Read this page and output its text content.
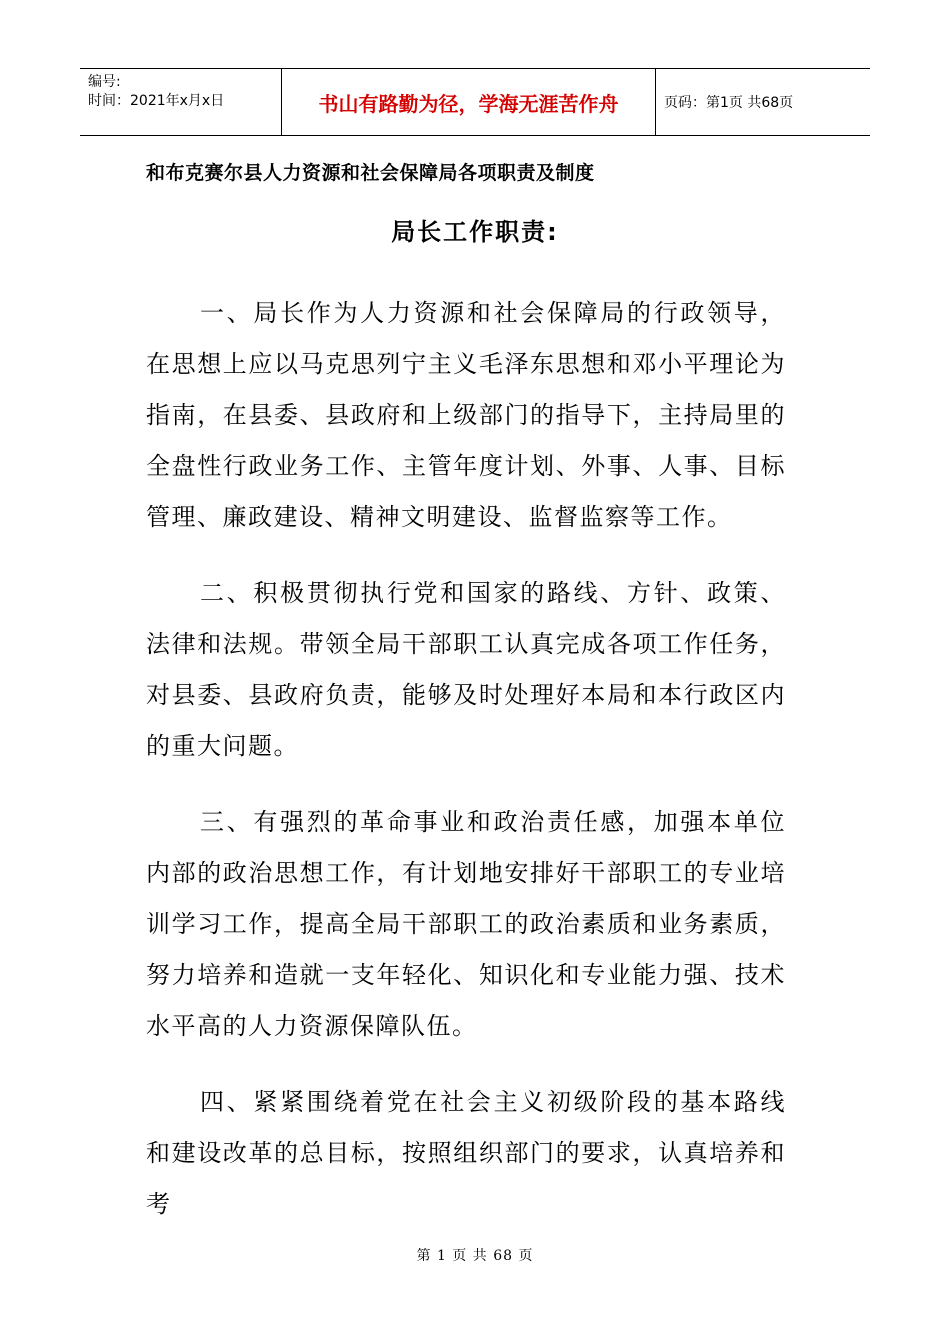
编号:
时间：2021年x月x日	书山有路勤为径，学海无涯苦作舟	页码：第1页 共68页
和布克赛尔县人力资源和社会保障局各项职责及制度
局长工作职责:

一、局长作为人力资源和社会保障局的行政领导，在思想上应以马克思列宁主义毛泽东思想和邓小平理论为指南，在县委、县政府和上级部门的指导下，主持局里的全盘性行政业务工作、主管年度计划、外事、人事、目标管理、廉政建设、精神文明建设、监督监察等工作。

二、积极贯彻执行党和国家的路线、方针、政策、法律和法规。带领全局干部职工认真完成各项工作任务，对县委、县政府负责，能够及时处理好本局和本行政区内的重大问题。

三、有强烈的革命事业和政治责任感，加强本单位内部的政治思想工作，有计划地安排好干部职工的专业培训学习工作，提高全局干部职工的政治素质和业务素质，努力培养和造就一支年轻化、知识化和专业能力强、技术水平高的人力资源保障队伍。

四、紧紧围绕着党在社会主义初级阶段的基本路线和建设改革的总目标，按照组织部门的要求，认真培养和考

第 1 页 共 68 页
